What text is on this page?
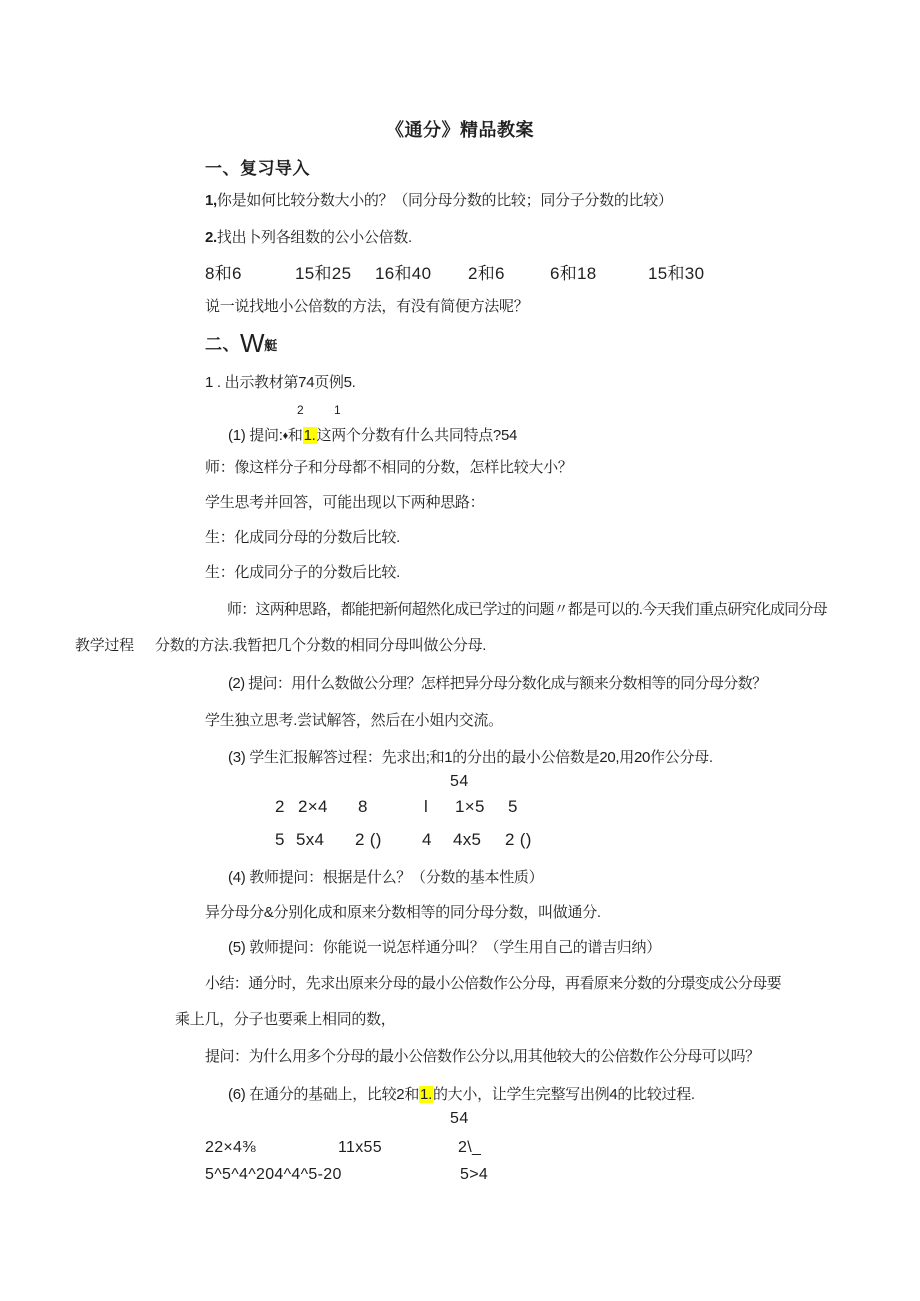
《通分》精品教案
一、复习导入
1,你是如何比较分数大小的？（同分母分数的比较；同分子分数的比较）
2.找出卜列各组数的公小公倍数.
8和6	15和25 16和40 2和6	6和18	15和30
说一说找地小公倍数的方法，有没有简便方法呢？
二、W艇
1 . 出示教材第74页例5.
2	1
(1) 提问:♦和1.这两个分数有什么共同特点?54
师：像这样分子和分母都不相同的分数，怎样比较大小？
学生思考并回答，可能出现以下两种思路：
生：化成同分母的分数后比较.
生：化成同分子的分数后比较.
师：这两种思路，都能把新何超然化成已学过的问题〃都是可以的.今天我们重点研究化成同分母
教学过程 分数的方法.我暂把几个分数的相同分母叫做公分母.
(2) 提问：用什么数做公分理？怎样把异分母分数化成与额来分数相等的同分母分数？
学生独立思考.尝试解答，然后在小姐内交流。
(3) 学生汇报解答过程：先求出;和1的分出的最小公倍数是20,用20作公分母.
54
2 2×4 8	l 1×5 5
5 5x4 2 () 4 4x5 2 ()
(4) 教师提问：根据是什么？（分数的基本性质）
异分母分&分别化成和原来分数相等的同分母分数，叫做通分.
(5) 敦师提问：你能说一说怎样通分叫？（学生用自己的谱吉归纳）
小结：通分时，先求出原来分母的最小公倍数作公分母，再看原来分数的分璟变成公分母要
乘上几，分子也要乘上相同的数，
提问：为什么用多个分母的最小公倍数作公分以,用其他较大的公倍数作公分母可以吗？
(6) 在通分的基础上，比较2和1.的大小，让学生完整写出例4的比较过程.
54
22×4⅜	11x55	2\_
5^5^4^204^4^5-20	5˃4
